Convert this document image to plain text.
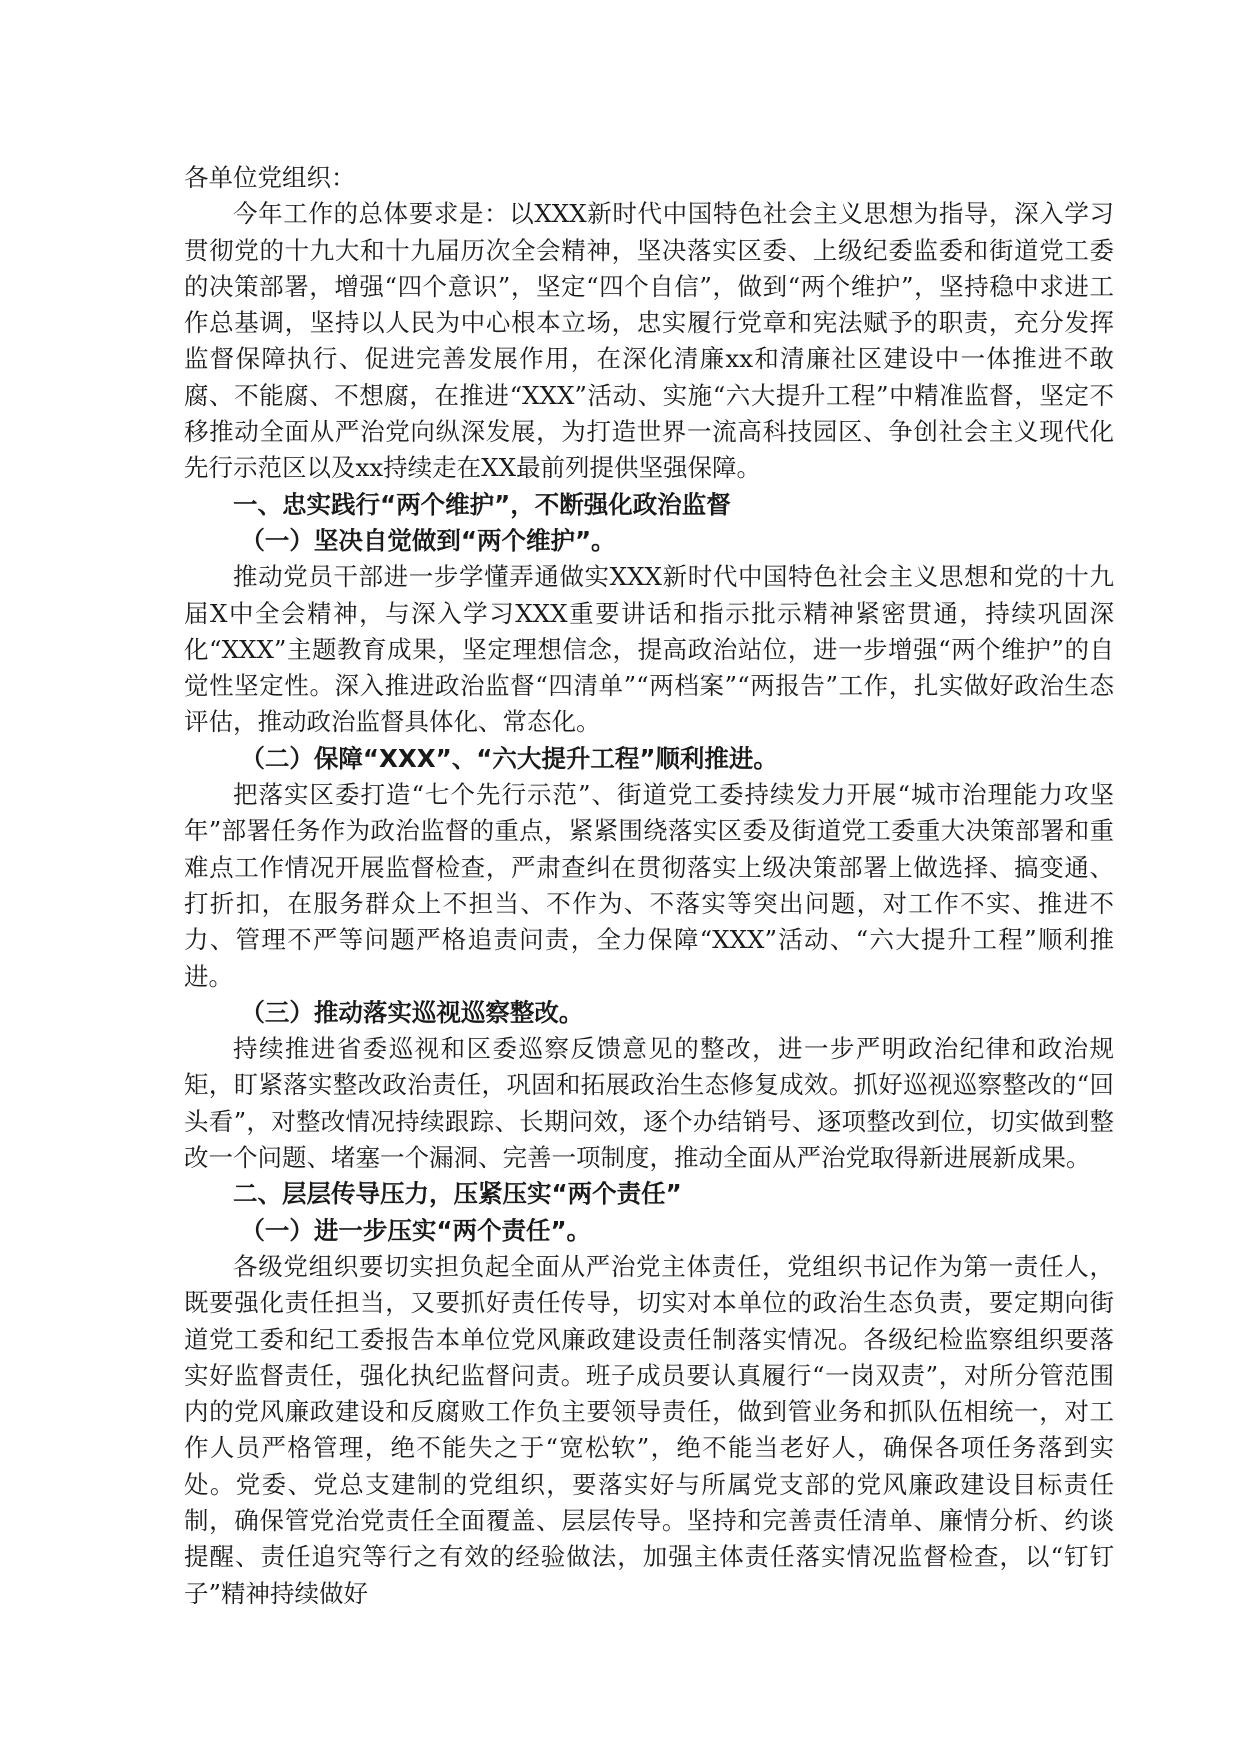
各单位党组织：

今年工作的总体要求是：以XXX新时代中国特色社会主义思想为指导，深入学习贯彻党的十九大和十九届历次全会精神，坚决落实区委、上级纪委监委和街道党工委的决策部署，增强“四个意识”，坚定“四个自信”，做到“两个维护”，坚持稳中求进工作总基调，坚持以人民为中心根本立场，忠实履行党章和宪法赋予的职责，充分发挥监督保障执行、促进完善发展作用，在深化清廉xx和清廉社区建设中一体推进不敢腐、不能腐、不想腐，在推进“XXX”活动、实施“六大提升工程”中精准监督，坚定不移推动全面从严治党向纵深发展，为打造世界一流高科技园区、争创社会主义现代化先行示范区以及xx持续走在XX最前列提供坚强保障。

一、忠实践行“两个维护”，不断强化政治监督

（一）坚决自觉做到“两个维护”。

推动党员干部进一步学懂弄通做实XXX新时代中国特色社会主义思想和党的十九届X中全会精神，与深入学习XXX重要讲话和指示批示精神紧密贯通，持续巩固深化“XXX”主题教育成果，坚定理想信念，提高政治站位，进一步增强“两个维护”的自觉性坚定性。深入推进政治监督“四清单”“两档案”“两报告”工作，扎实做好政治生态评估，推动政治监督具体化、常态化。

（二）保障“XXX”、“六大提升工程”顺利推进。

把落实区委打造“七个先行示范”、街道党工委持续发力开展“城市治理能力攻坚年”部署任务作为政治监督的重点，紧紧围绕落实区委及街道党工委重大决策部署和重难点工作情况开展监督检查，严肃查纠在贯彻落实上级决策部署上做选择、搞变通、打折扣，在服务群众上不担当、不作为、不落实等突出问题，对工作不实、推进不力、管理不严等问题严格追责问责，全力保障“XXX”活动、“六大提升工程”顺利推进。

（三）推动落实巡视巡察整改。

持续推进省委巡视和区委巡察反馈意见的整改，进一步严明政治纪律和政治规矩，盯紧落实整改政治责任，巩固和拓展政治生态修复成效。抓好巡视巡察整改的“回头看”，对整改情况持续跟踪、长期问效，逐个办结销号、逐项整改到位，切实做到整改一个问题、堵塞一个漏洞、完善一项制度，推动全面从严治党取得新进展新成果。

二、层层传导压力，压紧压实“两个责任”

（一）进一步压实“两个责任”。

各级党组织要切实担负起全面从严治党主体责任，党组织书记作为第一责任人，既要强化责任担当，又要抓好责任传导，切实对本单位的政治生态负责，要定期向街道党工委和纪工委报告本单位党风廉政建设责任制落实情况。各级纪检监察组织要落实好监督责任，强化执纪监督问责。班子成员要认真履行“一岗双责”，对所分管范围内的党风廉政建设和反腐败工作负主要领导责任，做到管业务和抓队伍相统一，对工作人员严格管理，绝不能失之于“宽松软”，绝不能当老好人，确保各项任务落到实处。党委、党总支建制的党组织，要落实好与所属党支部的党风廉政建设目标责任制，确保管党治党责任全面覆盖、层层传导。坚持和完善责任清单、廉情分析、约谈提醒、责任追究等行之有效的经验做法，加强主体责任落实情况监督检查，以“钉钉子”精神持续做好
